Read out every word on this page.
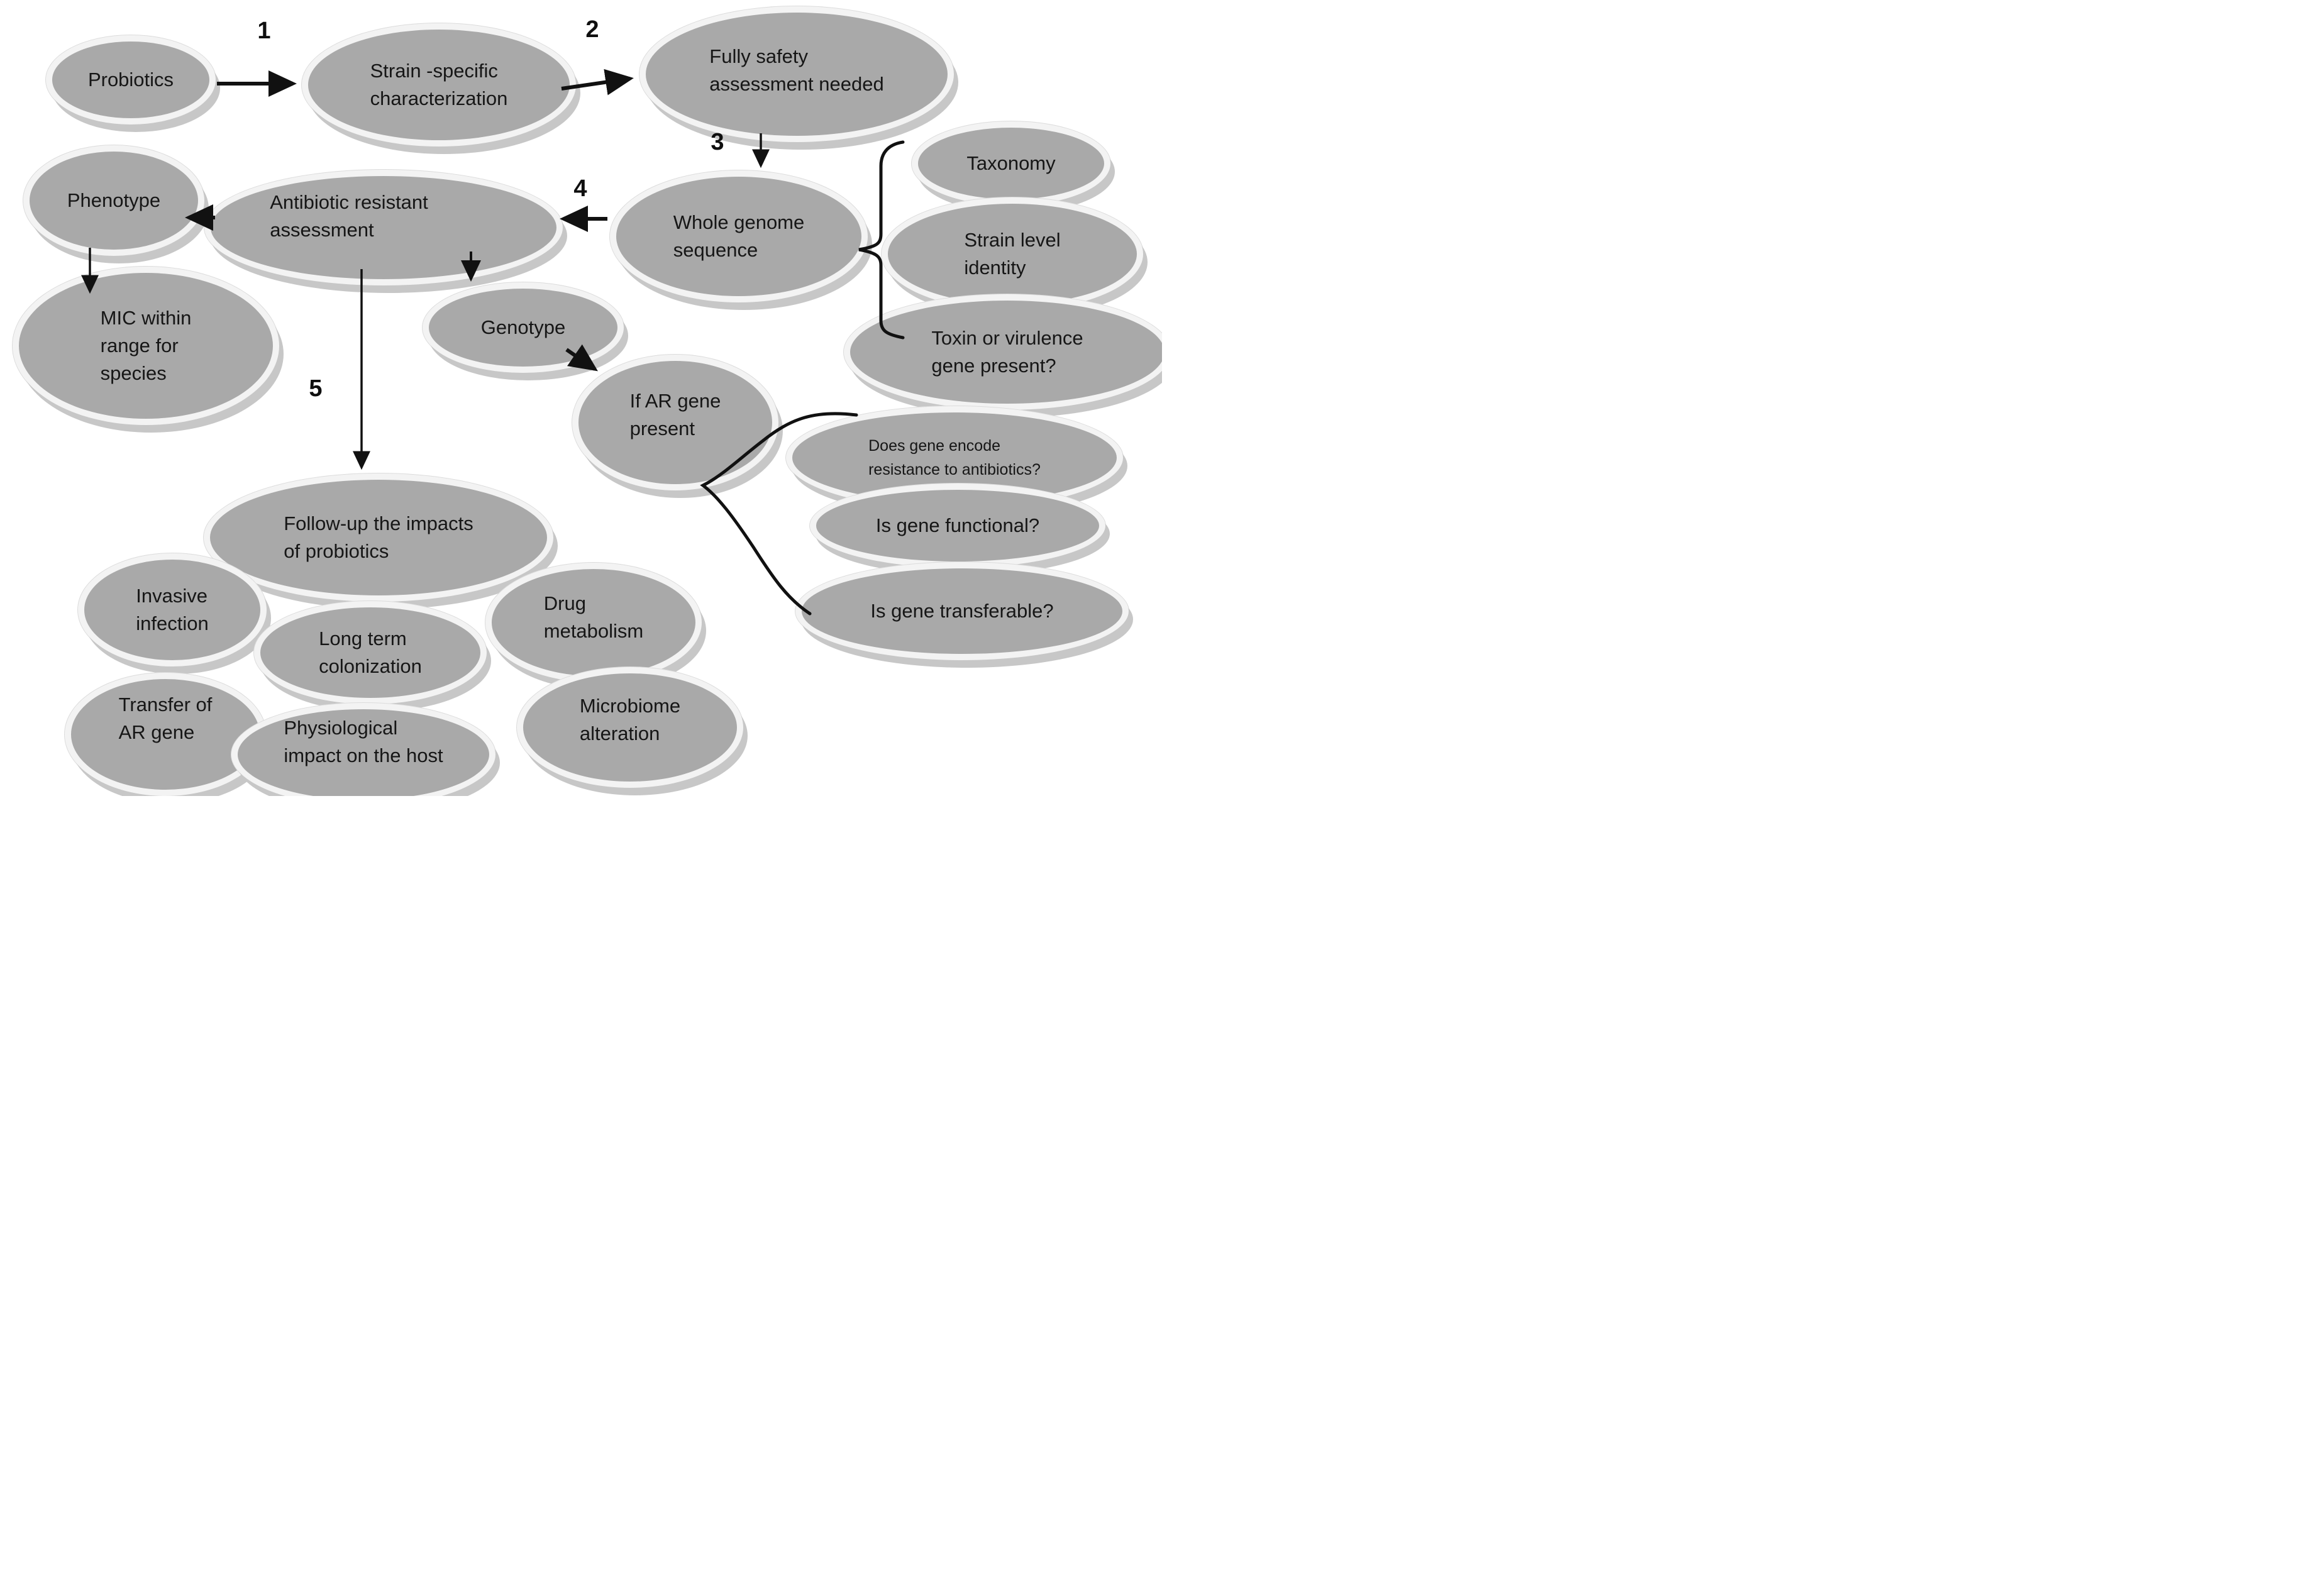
Probiotics	Strain -specific
characterization
Fully safety
assessment needed
Phenotype	Antibiotic resistant
assessment	Whole genome
sequence
Taxonomy
Strain level
identity
Toxin or virulence
gene present?
MIC within
range for
species
Genotype
If AR gene
present
Does gene encode
resistance to antibiotics?
Is gene functional?
Is gene transferable?
Follow-up the impacts
of probiotics
Invasive
infection
Long term
colonization
Drug
metabolism
Transfer of
AR gene	Physiological
impact on the host
Microbiome
alteration
1	2
3
4
5
